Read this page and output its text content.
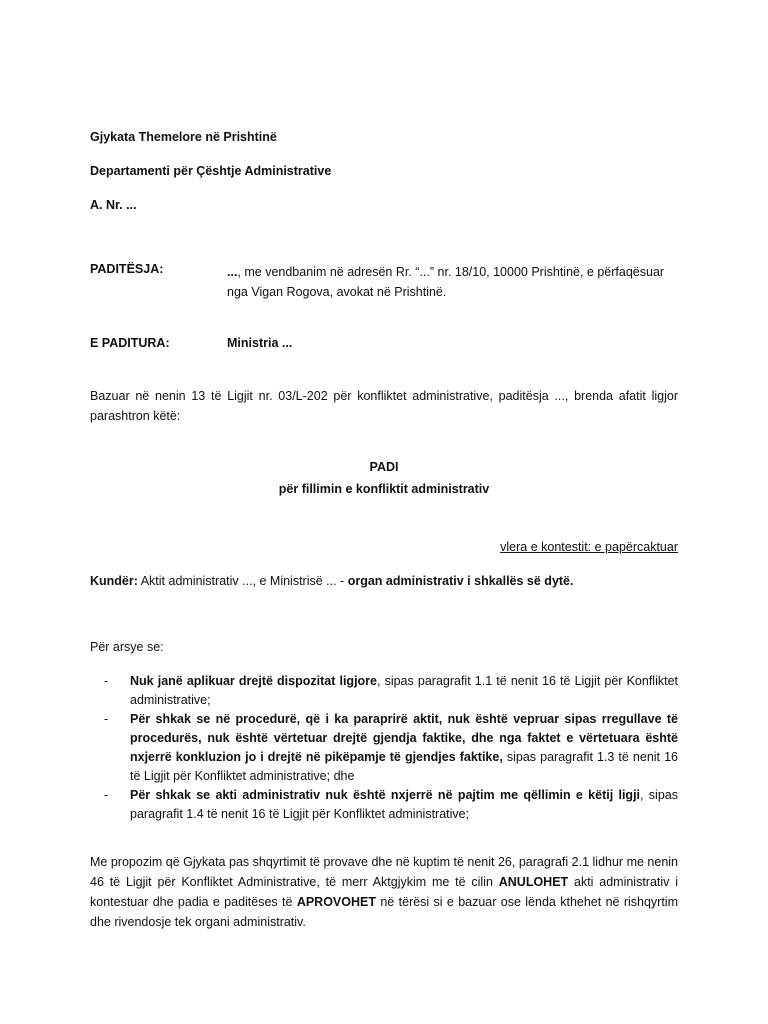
Gjykata Themelore në Prishtinë
Departamenti për Çështje Administrative
A. Nr. ...
PADITËSJA:	..., me vendbanim në adresën Rr. “...” nr. 18/10, 10000 Prishtinë, e përfaqësuar
nga Vigan Rogova, avokat në Prishtinë.
E PADITURA:	Ministria ...
Bazuar në nenin 13 të Ligjit nr. 03/L-202 për konfliktet administrative, paditësja ..., brenda afatit ligjor
parashtron këtë:
PADI
për fillimin e konfliktit administrativ
vlera e kontestit: e papërcaktuar
Kundër: Aktit administrativ ..., e Ministrisë ... - organ administrativ i shkallës së dytë.
Për arsye se:
- Nuk janë aplikuar drejtë dispozitat ligjore, sipas paragrafit 1.1 të nenit 16 të Ligjit për Konfliktet administrative;
- Për shkak se në procedurë, që i ka paraprirë aktit, nuk është vepruar sipas rregullave të procedurës, nuk është vërtetuar drejtë gjendja faktike, dhe nga faktet e vërtetuara është nxjerrë konkluzion jo i drejtë në pikëpamje të gjendjes faktike, sipas paragrafit 1.3 të nenit 16 të Ligjit për Konfliktet administrative; dhe
- Për shkak se akti administrativ nuk është nxjerrë në pajtim me qëllimin e këtij ligji, sipas paragrafit 1.4 të nenit 16 të Ligjit për Konfliktet administrative;
Me propozim që Gjykata pas shqyrtimit të provave dhe në kuptim të nenit 26, paragrafi 2.1 lidhur me nenin 46 të Ligjit për Konfliktet Administrative, të merr Aktgjykim me të cilin ANULOHET akti administrativ i kontestuar dhe padia e paditëses të APROVOHET në tërësi si e bazuar ose lënda kthehet në rishqyrtim dhe rivendosje tek organi administrativ.
